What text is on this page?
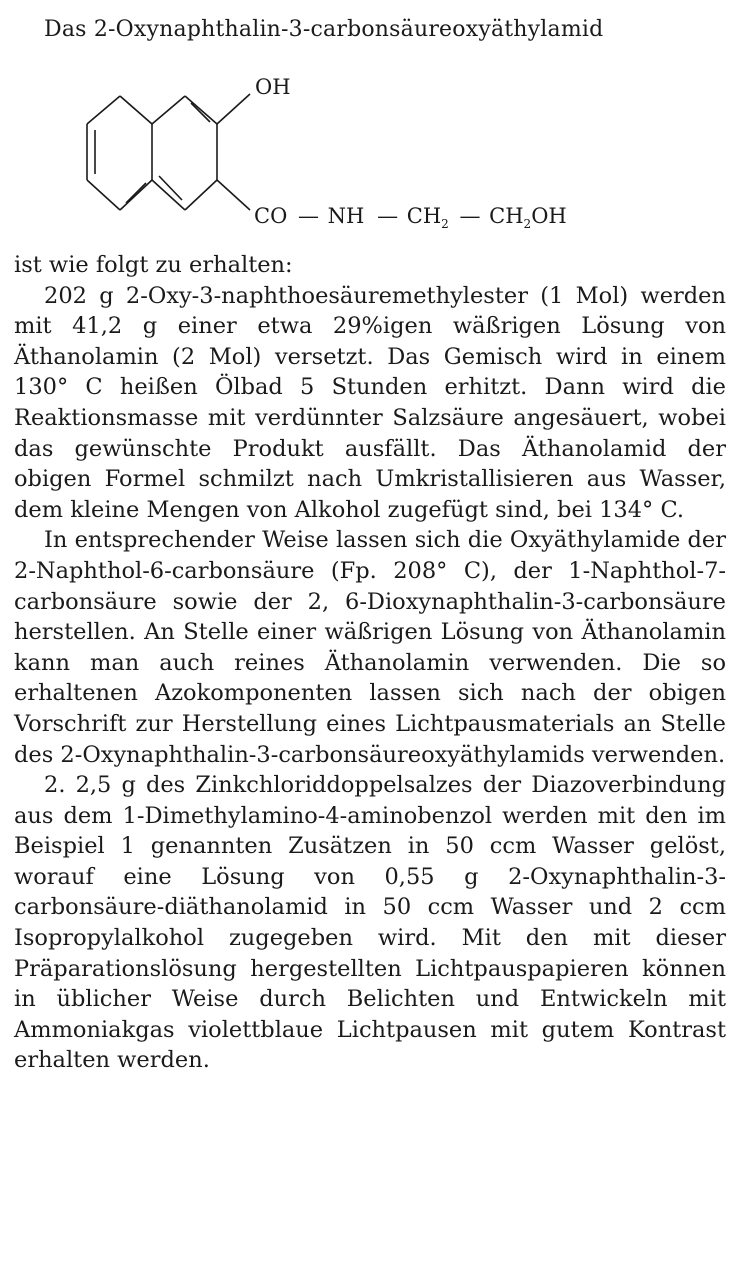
Das 2-Oxynaphthalin-3-carbonsäureoxyäthylamid
OH
CO — NH — $CH_2$ — $CH_2OH$

ist wie folgt zu erhalten:

202 g 2-Oxy-3-naphthoesäuremethylester (1 Mol) werden mit 41,2 g einer etwa 29%igen wäßrigen Lösung von Äthanolamin (2 Mol) versetzt. Das Gemisch wird in einem 130° C heißen Ölbad 5 Stunden erhitzt. Dann wird die Reaktionsmasse mit verdünnter Salzsäure angesäuert, wobei das gewünschte Produkt ausfällt. Das Äthanolamid der obigen Formel schmilzt nach Umkristallisieren aus Wasser, dem kleine Mengen von Alkohol zugefügt sind, bei 134° C.

In entsprechender Weise lassen sich die Oxyäthylamide der 2-Naphthol-6-carbonsäure (Fp. 208° C), der 1-Naphthol-7-carbonsäure sowie der 2, 6-Dioxynaphthalin-3-carbonsäure herstellen. An Stelle einer wäßrigen Lösung von Äthanolamin kann man auch reines Äthanolamin verwenden. Die so erhaltenen Azokomponenten lassen sich nach der obigen Vorschrift zur Herstellung eines Lichtpausmaterials an Stelle des 2-Oxynaphthalin-3-carbonsäureoxyäthylamids verwenden.

2. 2,5 g des Zinkchloriddoppelsalzes der Diazoverbindung aus dem 1-Dimethylamino-4-aminobenzol werden mit den im Beispiel 1 genannten Zusätzen in 50 ccm Wasser gelöst, worauf eine Lösung von 0,55 g 2-Oxynaphthalin-3-carbonsäure-diäthanolamid in 50 ccm Wasser und 2 ccm Isopropylalkohol zugegeben wird. Mit den mit dieser Präparationslösung hergestellten Lichtpauspapieren können in üblicher Weise durch Belichten und Entwickeln mit Ammoniakgas violettblaue Lichtpausen mit gutem Kontrast erhalten werden.
